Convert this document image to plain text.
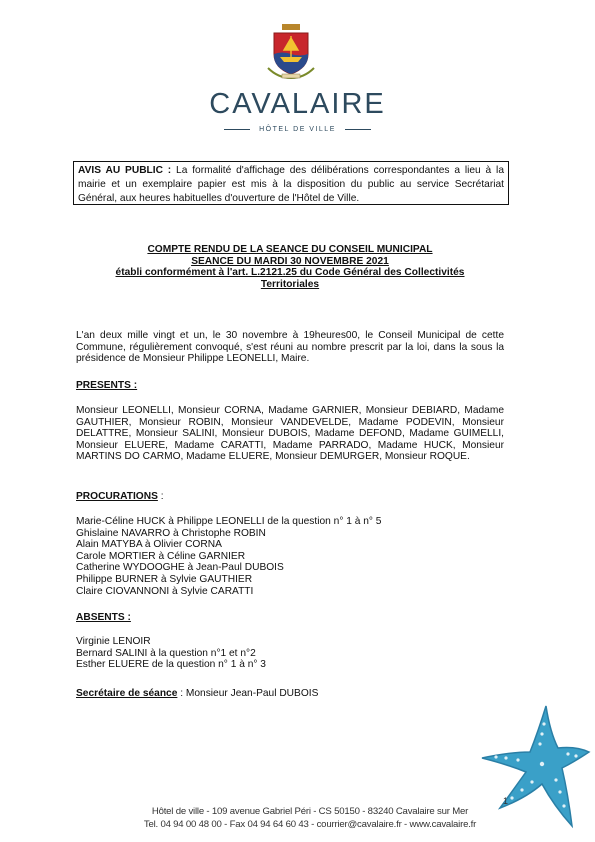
CAVALAIRE
HÔTEL DE VILLE
AVIS AU PUBLIC : La formalité d'affichage des délibérations correspondantes a lieu à la mairie et un exemplaire papier est mis à la disposition du public au service Secrétariat Général, aux heures habituelles d'ouverture de l'Hôtel de Ville.
COMPTE RENDU DE LA SEANCE DU CONSEIL MUNICIPAL
SEANCE DU MARDI 30 NOVEMBRE 2021
établi conformément à l'art. L.2121.25 du Code Général des Collectivités
Territoriales
L'an deux mille vingt et un, le 30 novembre à 19heures00, le Conseil Municipal de cette Commune, régulièrement convoqué, s'est réuni au nombre prescrit par la loi, dans la sous la présidence de Monsieur Philippe LEONELLI, Maire.
PRESENTS :
Monsieur LEONELLI, Monsieur CORNA, Madame GARNIER, Monsieur DEBIARD, Madame GAUTHIER, Monsieur ROBIN, Monsieur VANDEVELDE, Madame PODEVIN, Monsieur DELATTRE, Monsieur SALINI, Monsieur DUBOIS, Madame DEFOND, Madame GUIMELLI, Monsieur ELUERE, Madame CARATTI, Madame PARRADO, Madame HUCK, Monsieur MARTINS DO CARMO, Madame ELUERE, Monsieur DEMURGER, Monsieur ROQUE.
PROCURATIONS :
Marie-Céline HUCK à Philippe LEONELLI de la question n° 1 à n° 5
Ghislaine NAVARRO à Christophe ROBIN
Alain MATYBA à Olivier CORNA
Carole MORTIER à Céline GARNIER
Catherine WYDOOGHE à Jean-Paul DUBOIS
Philippe BURNER à Sylvie GAUTHIER
Claire CIOVANNONI à Sylvie CARATTI
ABSENTS :
Virginie LENOIR
Bernard SALINI à la question n°1 et n°2
Esther ELUERE de la question n° 1 à n° 3
Secrétaire de séance : Monsieur Jean-Paul DUBOIS
1
Hôtel de ville - 109 avenue Gabriel Péri - CS 50150 - 83240 Cavalaire sur Mer
Tel. 04 94 00 48 00 - Fax 04 94 64 60 43 - courrier@cavalaire.fr - www.cavalaire.fr
